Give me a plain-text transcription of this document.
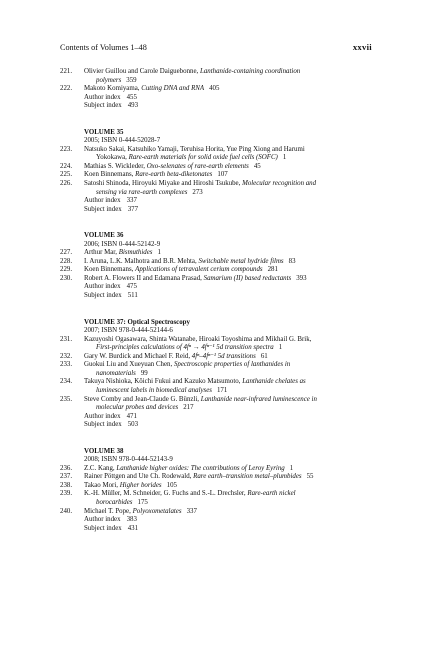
Contents of Volumes 1–48	xxvii
221.	Olivier Guillou and Carole Daiguebonne, Lanthanide-containing coordination
polymers 359
222.	Makoto Komiyama, Cutting DNA and RNA 405
Author index 455
Subject index 493
VOLUME 35
2005; ISBN 0-444-52028-7
223.	Natsuko Sakai, Katsuhiko Yamaji, Teruhisa Horita, Yue Ping Xiong and Harumi
Yokokawa, Rare-earth materials for solid oxide fuel cells (SOFC) 1
224.	Mathias S. Wickleder, Oxo-selenates of rare-earth elements 45
225.	Koen Binnemans, Rare-earth beta-diketonates 107
226.	Satoshi Shinoda, Hiroyuki Miyake and Hiroshi Tsukube, Molecular recognition and
sensing via rare-earth complexes 273
Author index 337
Subject index 377
VOLUME 36
2006; ISBN 0-444-52142-9
227.	Arthur Mar, Bismuthides 1
228.	I. Aruna, L.K. Malhotra and B.R. Mehta, Switchable metal hydride films 83
229.	Koen Binnemans, Applications of tetravalent cerium compounds 281
230.	Robert A. Flowers II and Edamana Prasad, Samarium (II) based reductants 393
Author index 475
Subject index 511
VOLUME 37: Optical Spectroscopy
2007; ISBN 978-0-444-52144-6
231.	Kazuyoshi Ogasawara, Shinta Watanabe, Hiroaki Toyoshima and Mikhail G. Brik,
First-principles calculations of 4fⁿ → 4fⁿ⁻¹ 5d transition spectra 1
232.	Gary W. Burdick and Michael F. Reid, 4fⁿ–4fⁿ⁻¹ 5d transitions 61
233.	Guokui Liu and Xueyuan Chen, Spectroscopic properties of lanthanides in
nanomaterials 99
234.	Takuya Nishioka, Kôichi Fukui and Kazuko Matsumoto, Lanthanide chelates as
luminescent labels in biomedical analyses 171
235.	Steve Comby and Jean-Claude G. Bünzli, Lanthanide near-infrared luminescence in
molecular probes and devices 217
Author index 471
Subject index 503
VOLUME 38
2008; ISBN 978-0-444-52143-9
236.	Z.C. Kang, Lanthanide higher oxides: The contributions of Leroy Eyring 1
237.	Rainer Pöttgen and Ute Ch. Rodewald, Rare earth–transition metal–plumbides 55
238.	Takao Mori, Higher borides 105
239.	K.-H. Müller, M. Schneider, G. Fuchs and S.-L. Drechsler, Rare-earth nickel
borocarbides 175
240.	Michael T. Pope, Polyoxometalates 337
Author index 383
Subject index 431
